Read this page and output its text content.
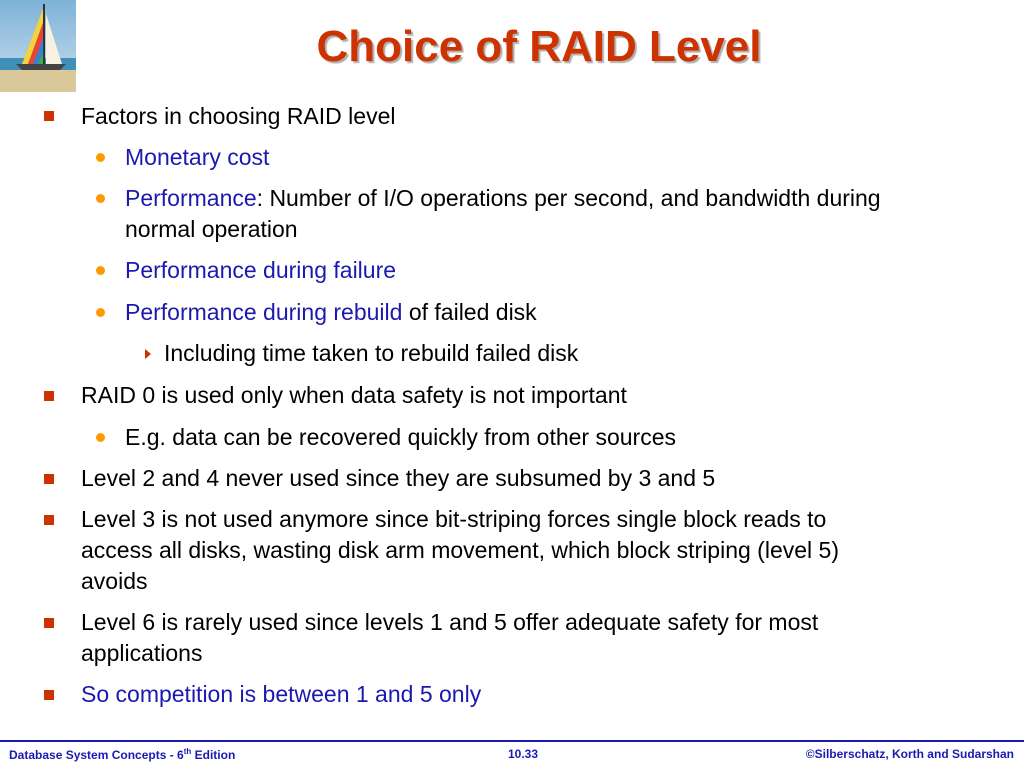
Choice of RAID Level
Factors in choosing RAID level
Monetary cost
Performance: Number of I/O operations per second, and bandwidth during
normal operation
Performance during failure
Performance during rebuild of failed disk
Including time taken to rebuild failed disk
RAID 0 is used only when data safety is not important
E.g. data can be recovered quickly from other sources
Level 2 and 4 never used since they are subsumed by 3 and 5
Level 3 is not used anymore since bit-striping forces single block reads to
access all disks, wasting disk arm movement, which block striping (level 5)
avoids
Level 6 is rarely used since levels 1 and 5 offer adequate safety for most
applications
So competition is between 1 and 5 only
Database System Concepts - 6th Edition	10.33	©Silberschatz, Korth and Sudarshan
